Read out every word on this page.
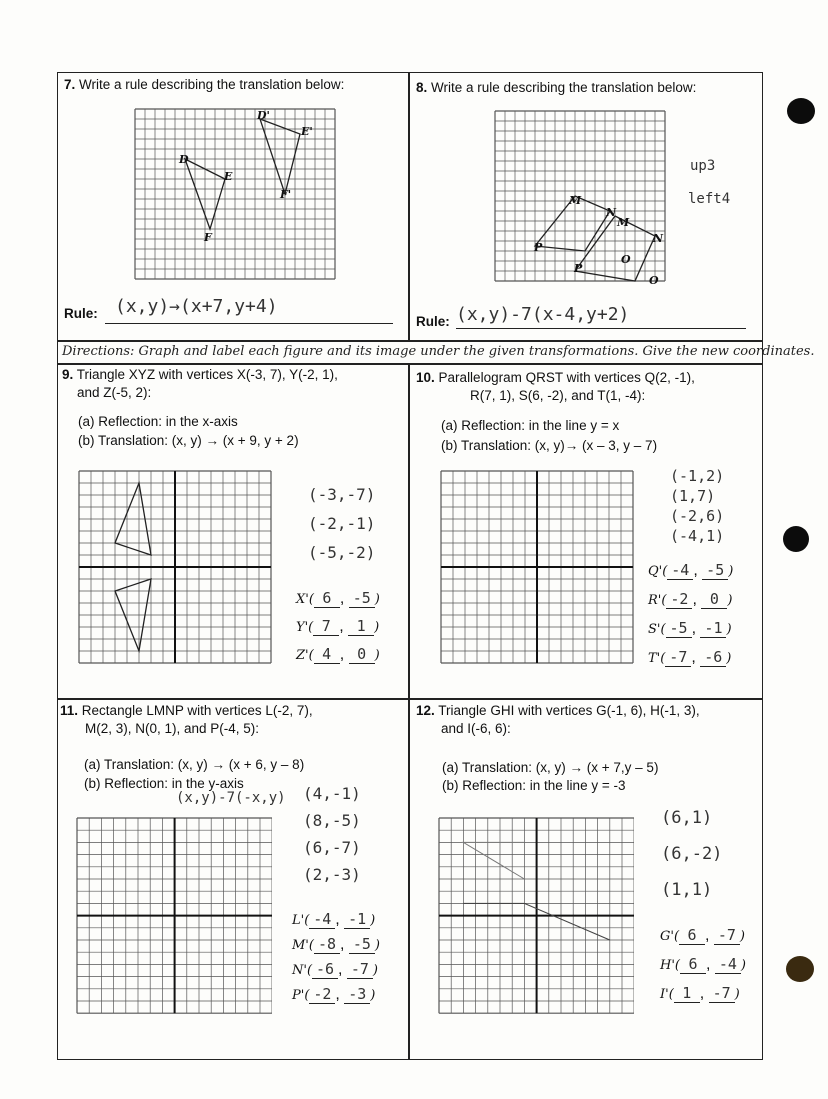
7. Write a rule describing the translation below:
D
E
F
D'
E'
F'
Rule: (x,y)→(x+7,y+4)
8. Write a rule describing the translation below:
M
N
P
M
N
O
P
O
up3
left4
Rule: (x,y)-7(x-4,y+2)
Directions: Graph and label each figure and its image under the given transformations. Give the new coordinates.
9. Triangle XYZ with vertices X(-3, 7), Y(-2, 1),
and Z(-5, 2):
(a) Reflection: in the x-axis
(b) Translation: (x, y) → (x + 9, y + 2)
(-3,-7)
(-2,-1)
(-5,-2)
X'( 6 , -5 )
Y'( 7 , 1 )
Z'( 4 , 0 )
10. Parallelogram QRST with vertices Q(2, -1),
R(7, 1), S(6, -2), and T(1, -4):
(a) Reflection: in the line y = x
(b) Translation: (x, y)→ (x – 3, y – 7)
(-1,2)
(1,7)
(-2,6)
(-4,1)
Q'( -4 , -5 )
R'( -2 , 0 )
S'( -5 , -1 )
T'( -7 , -6 )
11. Rectangle LMNP with vertices L(-2, 7),
M(2, 3), N(0, 1), and P(-4, 5):
(a) Translation: (x, y) → (x + 6, y – 8)
(b) Reflection: in the y-axis
(x,y)-7(-x,y) (4,-1)
(8,-5)
(6,-7)
(2,-3)
L'( -4 , -1 )
M'( -8 , -5 )
N'( -6 , -7 )
P'( -2 , -3 )
12. Triangle GHI with vertices G(-1, 6), H(-1, 3),
and I(-6, 6):
(a) Translation: (x, y) → (x + 7,y – 5)
(b) Reflection: in the line y = -3
(6,1)
(6,-2)
(1,1)
G'( 6 , -7 )
H'( 6 , -4 )
I'( 1 , -7 )
